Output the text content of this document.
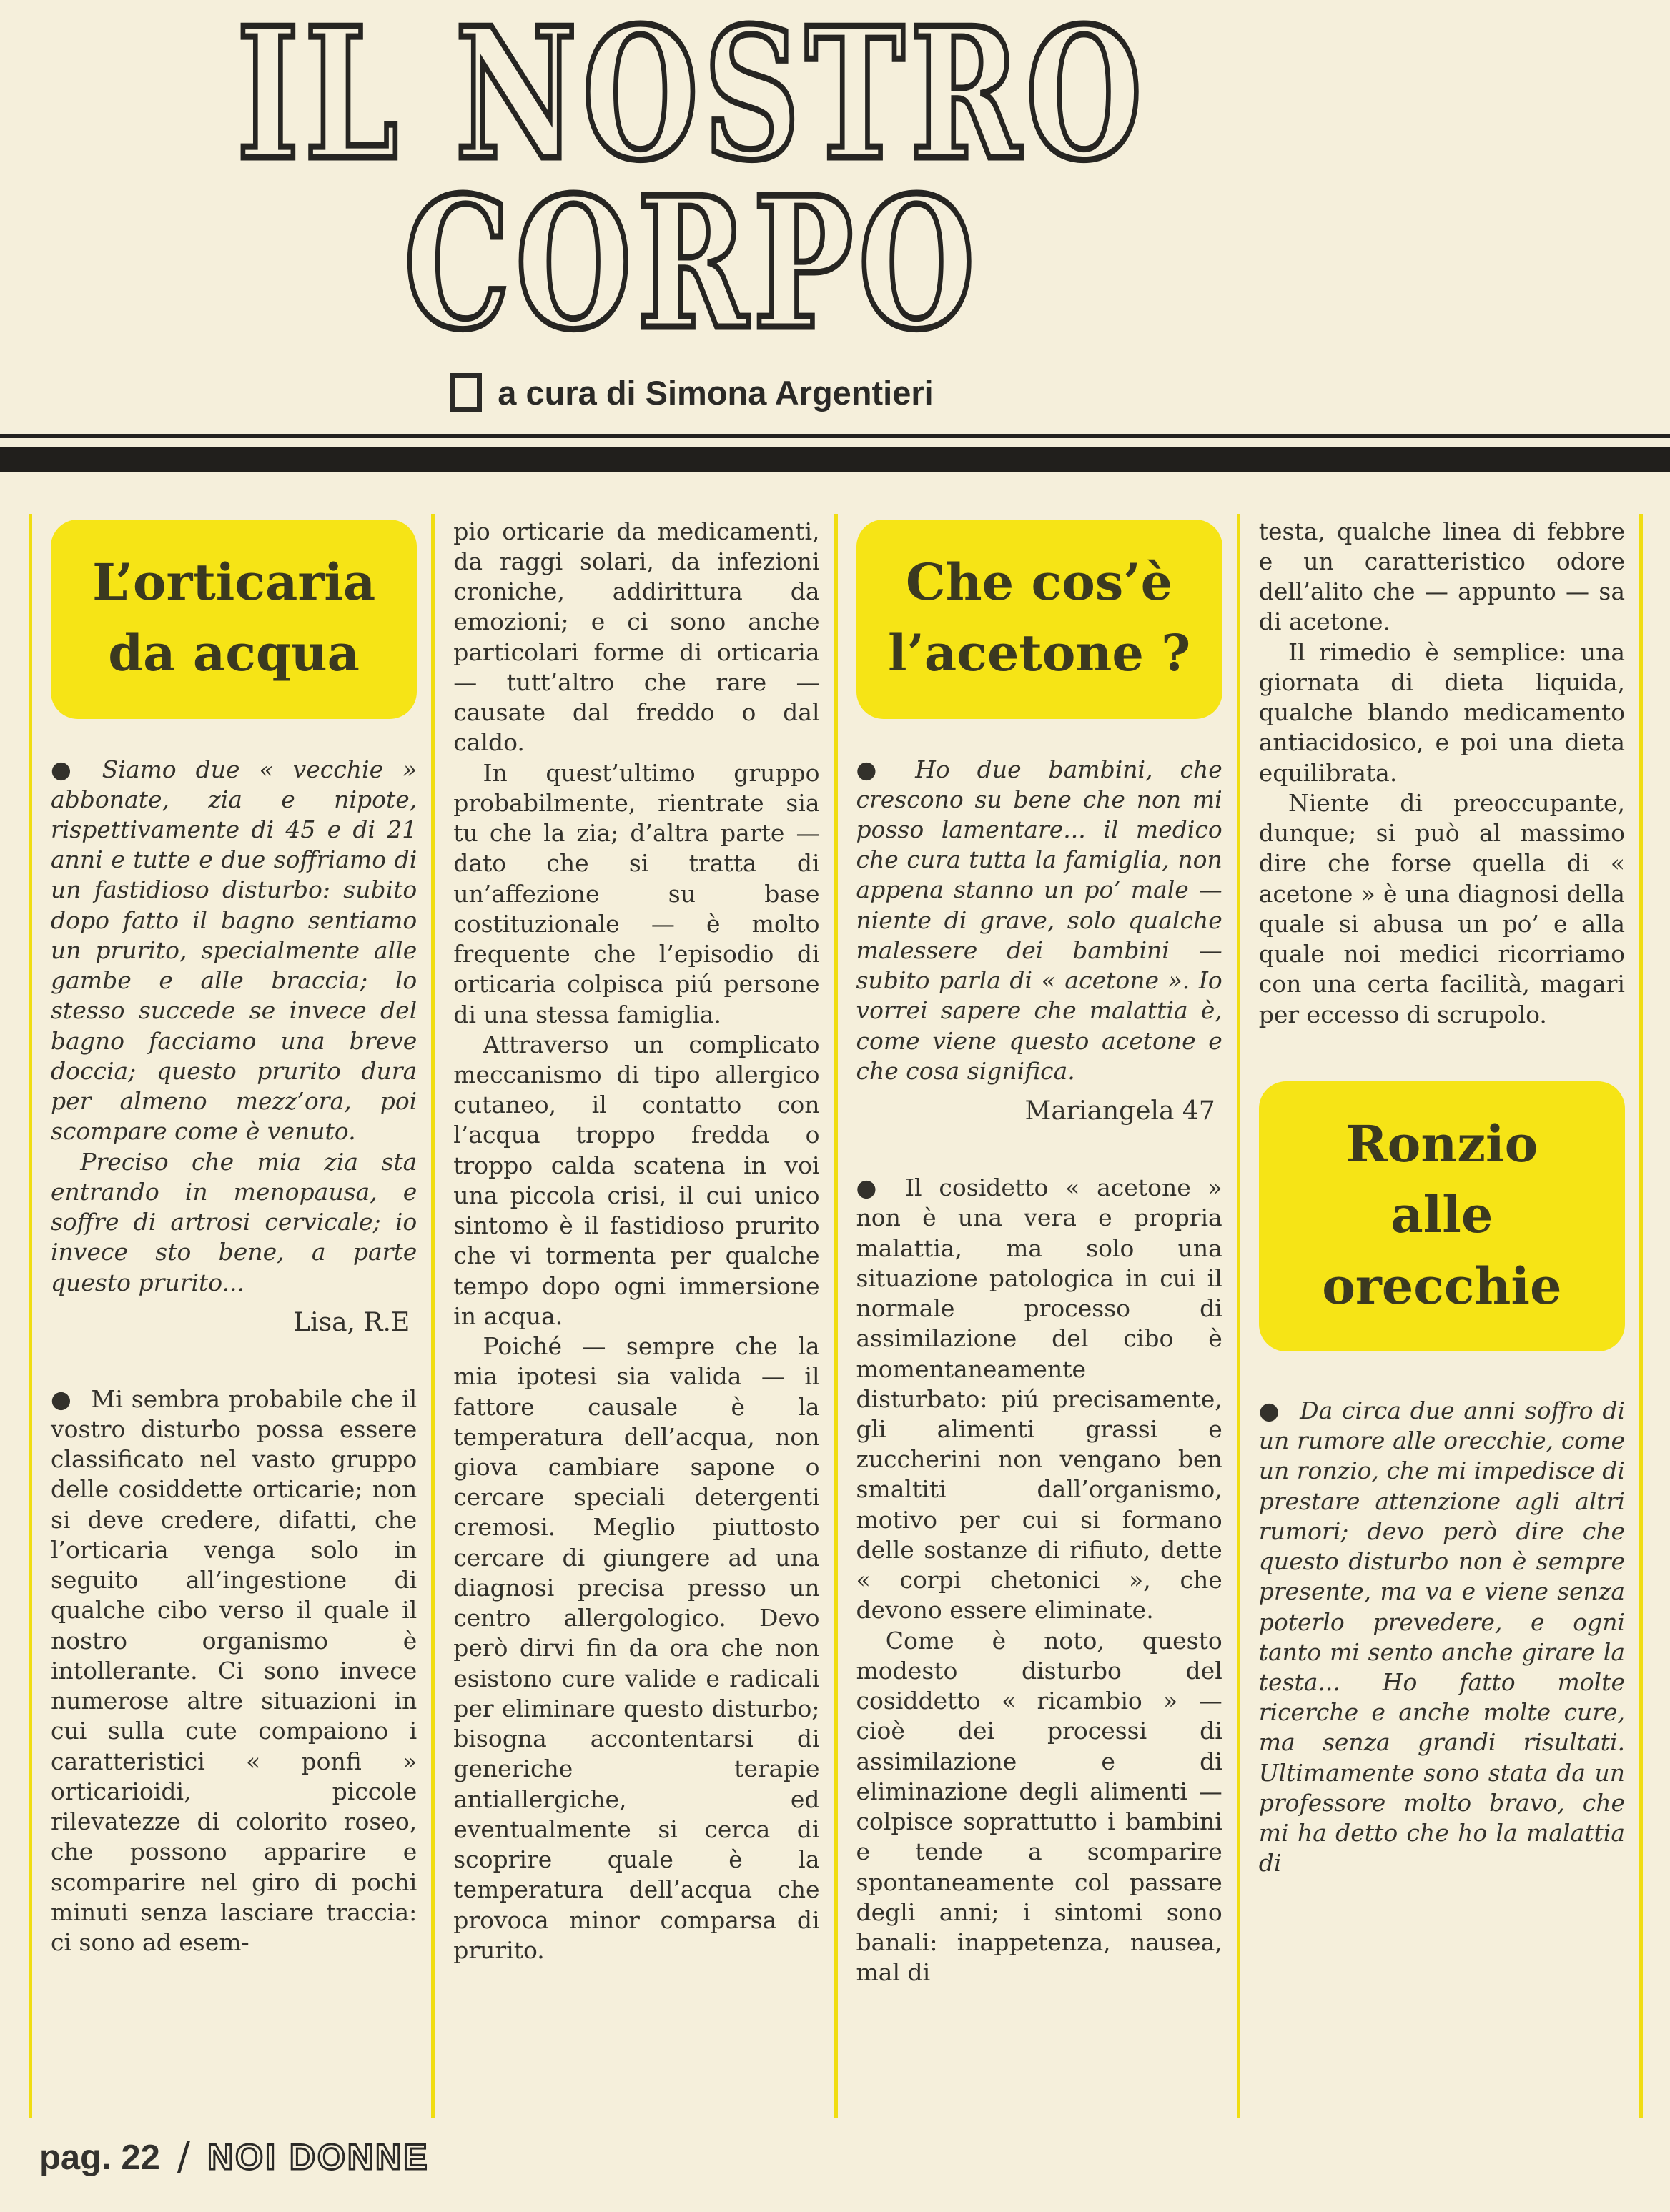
IL NOSTRO
CORPO
a cura di Simona Argentieri
L’orticaria
da acqua

● Siamo due « vecchie » abbonate, zia e nipote, rispettivamente di 45 e di 21 anni e tutte e due soffriamo di un fastidioso disturbo: subito dopo fatto il bagno sentiamo un prurito, specialmente alle gambe e alle braccia; lo stesso succede se invece del bagno facciamo una breve doccia; questo prurito dura per almeno mezz’ora, poi scompare come è venuto.

Preciso che mia zia sta entrando in menopausa, e soffre di artrosi cervicale; io invece sto bene, a parte questo prurito...

Lisa, R.E

● Mi sembra probabile che il vostro disturbo possa essere classificato nel vasto gruppo delle cosiddette orticarie; non si deve credere, difatti, che l’orticaria venga solo in seguito all’ingestione di qualche cibo verso il quale il nostro organismo è intollerante. Ci sono invece numerose altre situazioni in cui sulla cute compaiono i caratteristici « ponfi » orticarioidi, piccole rilevatezze di colorito roseo, che possono apparire e scomparire nel giro di pochi minuti senza lasciare traccia: ci sono ad esem-

pio orticarie da medicamenti, da raggi solari, da infezioni croniche, addirittura da emozioni; e ci sono anche particolari forme di orticaria — tutt’altro che rare — causate dal freddo o dal caldo.

In quest’ultimo gruppo probabilmente, rientrate sia tu che la zia; d’altra parte — dato che si tratta di un’affezione su base costituzionale — è molto frequente che l’episodio di orticaria colpisca piú persone di una stessa famiglia.

Attraverso un complicato meccanismo di tipo allergico cutaneo, il contatto con l’acqua troppo fredda o troppo calda scatena in voi una piccola crisi, il cui unico sintomo è il fastidioso prurito che vi tormenta per qualche tempo dopo ogni immersione in acqua.

Poiché — sempre che la mia ipotesi sia valida — il fattore causale è la temperatura dell’acqua, non giova cambiare sapone o cercare speciali detergenti cremosi. Meglio piuttosto cercare di giungere ad una diagnosi precisa presso un centro allergologico. Devo però dirvi fin da ora che non esistono cure valide e radicali per eliminare questo disturbo; bisogna accontentarsi di generiche terapie antiallergiche, ed eventualmente si cerca di scoprire quale è la temperatura dell’acqua che provoca minor comparsa di prurito.

Che cos’è
l’acetone ?

● Ho due bambini, che crescono su bene che non mi posso lamentare... il medico che cura tutta la famiglia, non appena stanno un po’ male — niente di grave, solo qualche malessere dei bambini — subito parla di « acetone ». Io vorrei sapere che malattia è, come viene questo acetone e che cosa significa.

Mariangela 47

● Il cosidetto « acetone » non è una vera e propria malattia, ma solo una situazione patologica in cui il normale processo di assimilazione del cibo è momentaneamente disturbato: piú precisamente, gli alimenti grassi e zuccherini non vengano ben smaltiti dall’organismo, motivo per cui si formano delle sostanze di rifiuto, dette « corpi chetonici », che devono essere eliminate.

Come è noto, questo modesto disturbo del cosiddetto « ricambio » — cioè dei processi di assimilazione e di eliminazione degli alimenti — colpisce soprattutto i bambini e tende a scomparire spontaneamente col passare degli anni; i sintomi sono banali: inappetenza, nausea, mal di

testa, qualche linea di febbre e un caratteristico odore dell’alito che — appunto — sa di acetone.

Il rimedio è semplice: una giornata di dieta liquida, qualche blando medicamento antiacidosico, e poi una dieta equilibrata.

Niente di preoccupante, dunque; si può al massimo dire che forse quella di « acetone » è una diagnosi della quale si abusa un po’ e alla quale noi medici ricorriamo con una certa facilità, magari per eccesso di scrupolo.

Ronzio
alle
orecchie

● Da circa due anni soffro di un rumore alle orecchie, come un ronzio, che mi impedisce di prestare attenzione agli altri rumori; devo però dire che questo disturbo non è sempre presente, ma va e viene senza poterlo prevedere, e ogni tanto mi sento anche girare la testa... Ho fatto molte ricerche e anche molte cure, ma senza grandi risultati. Ultimamente sono stata da un professore molto bravo, che mi ha detto che ho la malattia di

pag. 22 / NOI DONNE
